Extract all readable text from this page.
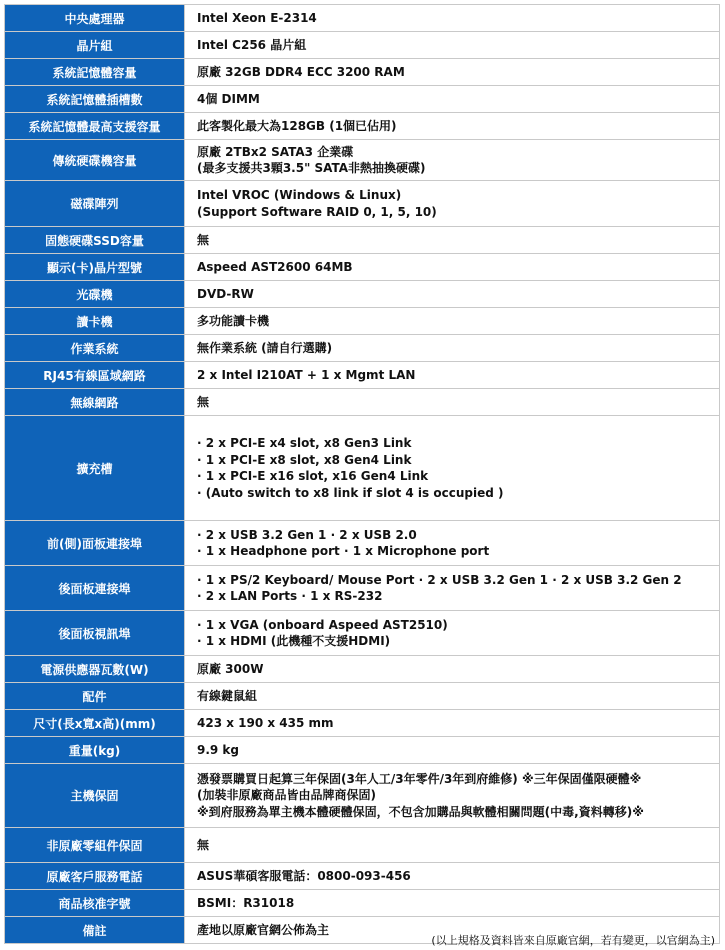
中央處理器	Intel Xeon E-2314

晶片組	Intel C256 晶片組

系統記憶體容量	原廠 32GB DDR4 ECC 3200 RAM

系統記憶體插槽數	4個 DIMM

系統記憶體最高支援容量	此客製化最大為128GB (1個已佔用)

傳統硬碟機容量	原廠 2TBx2 SATA3 企業碟
(最多支援共3顆3.5" SATA非熱抽換硬碟)

磁碟陣列	Intel VROC (Windows & Linux)
(Support Software RAID 0, 1, 5, 10)

固態硬碟SSD容量	無

顯示(卡)晶片型號	Aspeed AST2600 64MB

光碟機	DVD-RW

讀卡機	多功能讀卡機

作業系統	無作業系統 (請自行選購)

RJ45有線區域網路	2 x Intel I210AT + 1 x Mgmt LAN

無線網路	無

擴充槽	· 2 x PCI-E x4 slot, x8 Gen3 Link
· 1 x PCI-E x8 slot, x8 Gen4 Link
· 1 x PCI-E x16 slot, x16 Gen4 Link
· (Auto switch to x8 link if slot 4 is occupied )

前(側)面板連接埠	· 2 x USB 3.2 Gen 1 · 2 x USB 2.0
· 1 x Headphone port · 1 x Microphone port

後面板連接埠	· 1 x PS/2 Keyboard/ Mouse Port · 2 x USB 3.2 Gen 1 · 2 x USB 3.2 Gen 2
· 2 x LAN Ports · 1 x RS-232

後面板視訊埠	· 1 x VGA (onboard Aspeed AST2510)
· 1 x HDMI (此機種不支援HDMI)

電源供應器瓦數(W)	原廠 300W

配件	有線鍵鼠組

尺寸(長x寬x高)(mm)	423 x 190 x 435 mm

重量(kg)	9.9 kg

主機保固	憑發票購買日起算三年保固(3年人工/3年零件/3年到府維修) ※三年保固僅限硬體※
(加裝非原廠商品皆由品牌商保固)
※到府服務為單主機本體硬體保固，不包含加購品與軟體相關問題(中毒,資料轉移)※

非原廠零組件保固	無

原廠客戶服務電話	ASUS華碩客服電話：0800-093-456

商品核准字號	BSMI：R31018

備註	產地以原廠官網公佈為主
(以上規格及資料皆來自原廠官網，若有變更，以官網為主)
